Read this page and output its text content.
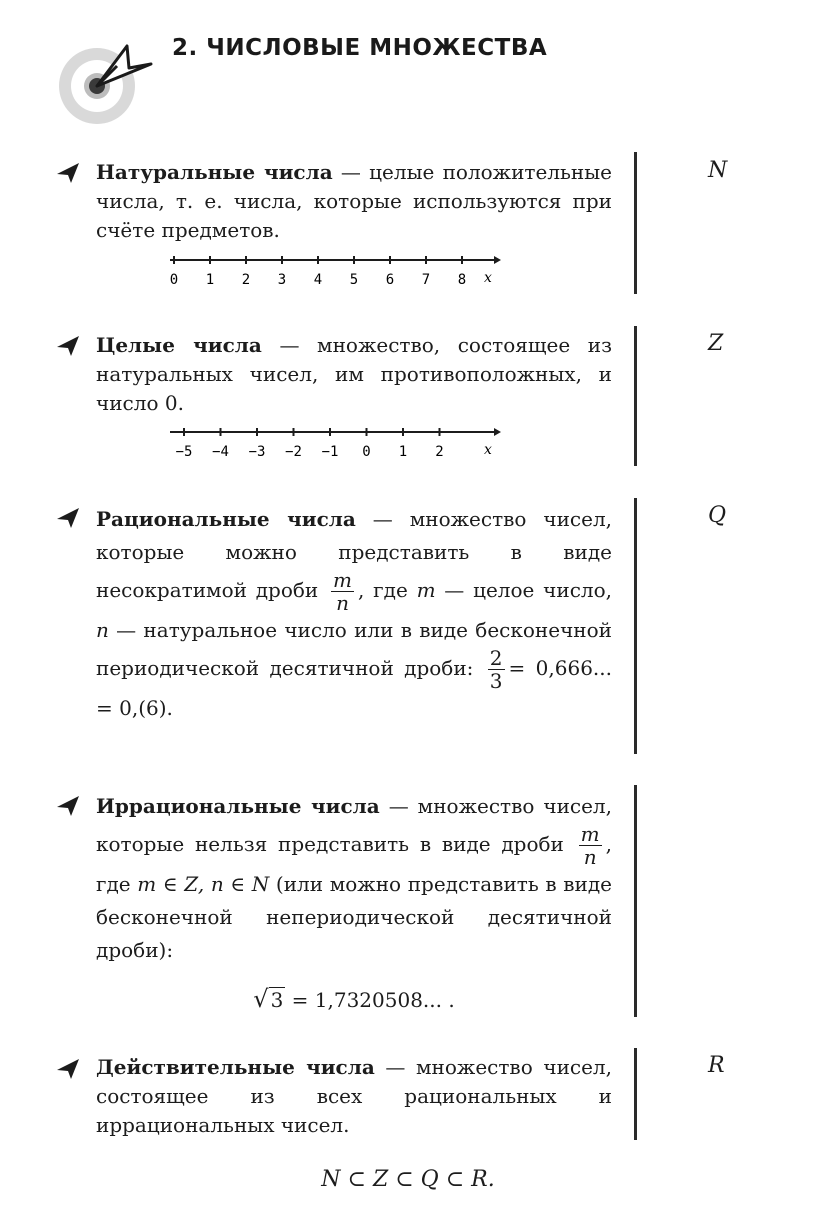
2. ЧИСЛОВЫЕ МНОЖЕСТВА
Натуральные числа — целые положительные числа, т. е. числа, которые используются при счёте предметов.
0 1 2 3 4 5 6 7 8 x
N
Целые числа — множество, состоящее из натуральных чисел, им противоположных, и число 0.
−5 −4 −3 −2 −1 0 1 2	x
Z
Рациональные числа — множество чисел, которые можно представить в виде несократимой дроби $\frac{m}{n}$ , где m — целое число, n — натуральное число или в виде бесконечной периодической десятичной дроби: $\frac{2}{3} = 0,666$... = 0,(6).
Q
Иррациональные числа — множество чисел, которые нельзя представить в виде дроби $\frac{m}{n}$ , где m ∈ Z, n ∈ N (или можно представить в виде бесконечной непериодической десятичной дроби):
√ 3 = 1,7320508... .
Действительные числа — множество чисел, состоящее из всех рациональных и иррациональных чисел.
R
N ⊂ Z ⊂ Q ⊂ R.
